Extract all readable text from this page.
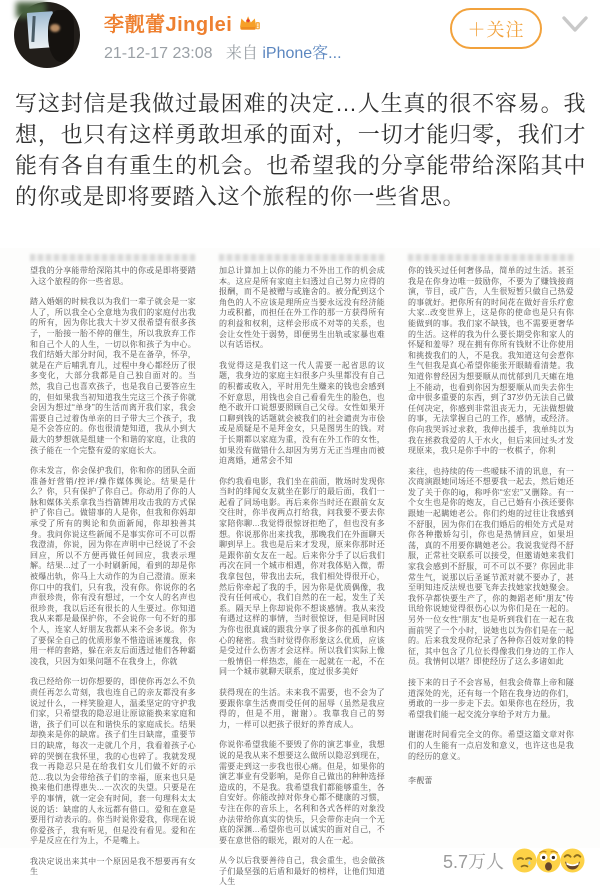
李靓蕾Jinglei
21-12-17 23:08 来自 iPhone客...
＋关注
写这封信是我做过最困难的决定…人生真的很不容易。我想，也只有这样勇敢坦承的面对，一切才能归零，我们才能有各自有重生的机会。也希望我的分享能带给深陷其中的你或是即将要踏入这个旅程的你一些省思。

望我的分享能带给深陷其中的你或是即将要踏入这个旅程的你一些省思。

踏入婚姻的时候我以为我们一辈子就会是一家人了，所以我全心全意地为我们的家庭付出我的所有，因为你比我大十岁又很希望有很多孩子，一胎接一胎不停的催生，所以我放弃工作和自己个人的人生，一切以你和孩子为中心。我们结婚大部分时间，我不是在备孕，怀孕，就是在产后哺乳育儿，过程中身心都经历了很多变化，大部分我都是自己独自面对的。当然，我自己也喜欢孩子，也是我自己要答应生的，但如果我当初知道我生完这三个孩子你就会因为想过“单身”的生活而离开我们家，我会需要自己过着伪单亲的日子带大三个孩子，我是不会答应的。你也很清楚知道，我从小到大最大的梦想就是组建一个和谐的家庭，让我的孩子能在一个完整有爱的家庭长大。

你未发言，你会保护我们，你和你的团队全面准备好营销/控评/操作媒体舆论。结果是什么？你，只有保护了你自己。你动用了你的人脉和媒体关系拿我当挡箭牌用攻击我的方式保护了你自己。做错事的人是你，但我和你妈却承受了所有的舆论和负面新闻，你却独善其身。我问你说这些新闻不是事实你可不可以帮我澄清，你说，因为你在声明中已经说了不会回应，所以不方便再做任何回应，我表示理解。结果...过了一小时刷新闻，看到的却是你被爆出轨，你马上大动作的为自己澄清。原来你口中的我们，只有我，没有你。你说你的名声很珍贵，你有没有想过，一个女人的名声也很珍贵，我以后还有很长的人生要过。你知道我从来都是最保护你，不会说你一句不好的那个人，连家人好朋友我都从来不会多说。你为了要保全自己的优质形象不惜造谣诬蔑我，你用一样的套路，躲在亲友后面透过他们各种霸凌我，只因为如果问题不在我身上，你就

我已经给你一切你想要的，即使你再怎么不负责任再怎么苛刻，我也连自己的亲友都没有多说过什么，一样笑脸迎人，温柔坚定的守护我们家，只希望我的隐忍退让原谅能换来家庭和谐，孩子们可以在和谐快乐的家庭成长。结果却换来是你的缺席。孩子们生日缺席，重要节日的缺席，每次一走就几个月，我看着孩子心碎的哭倒在我怀里，我的心也碎了。我就发现我一再隐忍只是在给我们女儿们做不好的示范...我以为会带给孩子们的幸福，原来也只是换来他们患得患失...一次次的失望。只要是在乎的事情，就一定会有时间，套一句理科太太说的话：缺席的人永远都有借口。爱和在意是要用行动表示的。你当时说你爱我，你现在说你爱孩子，我有听见，但是没有看见。爱和在乎是反应在行为上，不是嘴上。

我决定说出来其中一个原因是我不想要再有女生

加总计算加上以你的能力不外出工作的机会成本。这应是所有家庭主妇透过自己努力应得的报酬，而不是被赠与或施舍的。被分配到这个角色的人不应该是理所应当要永远没有经济能力或积蓄，而担任在外工作的那一方获得所有的利益和权利，这样会形成不对等的关系，也会让女性处于弱势，即便男生出轨或家暴也难以有话语权。

我觉得这是我们这一代人需要一起省思的议题，我身边的家庭主妇很多户头里都没有自己的积蓄或收入，平时用先生赚来的钱也会感到不好意思，用钱也会自己看看先生的脸色，也绝不敢开口说想要照顾自己父母。女性如果开口聊到钱的话题就会被我们的社会谴责为市侩或是质疑是不是拜金女，只是图男生的钱。对于长期都以家庭为重，没有在外工作的女性，如果没有做错什么却因为男方无正当理由而被迫离婚，通常会不知

你约我看电影，我们坐在前面，散场时发现你当时的绯闻女友就坐在影厅的最后面，我们一起看了同场电影。再后来你当时还在跟前女友交往时，你半夜两点打给我，问我要不要去你家陪你聊...我觉得很惊讶拒绝了，但也没有多想。你说那你出来找我，那晚我们在外面聊天聊到早上。我也是后来才发现，原来你那时还是跟你前女友在一起。后来你分手了以后我们再次在同一个城市相遇，你对我体贴入微，帮我拿包包，带我出去玩，我们相处得很开心，然后你牵起了我的手，因为你是优质偶像，我没有任何戒心，我们自然的在一起，发生了关系。隔天早上你却说你不想谈感情。我从来没有遇过这样的事情，当时很惊讶，但是同时因为你也很真诚的跟我分享了很多你的孤单和内心的秘密。我当时觉得你形象这么优质，应该是受过什么伤害才会这样。所以我们实际上像一般情侣一样热恋，能在一起就在一起，不在同一个城市就聊天联系，度过很多美好

获得现在的生活。未来我不需要，也不会为了要跟你拿生活费而受任何的屈辱（虽然是我应得的，但是不用，谢谢）。我靠我自己的努力，一样可以把孩子很好的养育成人。

你说你希望我能不要毁了你的演艺事业，我想说的是我从来不想要这么做所以隐忍到现在，需要走到这一步我也很心痛。但是，如果你的演艺事业有受影响，是你自己做出的种种选择造成的，不是我。我希望我们都能够重生，各自安好。你能改掉对你身心都不健康的习惯，专注在你的音乐上，名利和各式各样的对象没办法带给你真实的快乐，只会带你走向一个无底的深渊...希望你也可以诚实的面对自己，不要在意世俗的眼光，跟对的人在一起。

从今以后我要善待自己，我会重生，也会做孩子们最坚强的后盾和最好的榜样，让他们知道人生

你的钱买过任何奢侈品，简单的过生活。甚至我是在你身边唯一鼓励你，不要为了赚钱接商演，节目，或广告，人生很短暂只做自己热爱的事就好。把你所有的时间花在做好音乐疗愈大家..改变世界上，这是你的使命也是只有你能做到的事。我们家不缺钱，也不需要更奢华的生活。这样的我为什么要长期受你和家人的怀疑和羞辱？现在拥有你所有钱财不让你使用和挑拨我们的人，不是我。我知道这句会惹你生气但我是真心希望你能张开眼睛看清楚。我知道你曾经因为想要顺从而忧郁到几天瘫在地上不能动，也看到你因为想要顺从而失去你生命中很多重要的东西，到了37岁仍无法自己做任何决定，你感到非常沮丧无力，无法做想做的事，无法掌握自己的工作，感情，或经济。你向我哭诉过求救，我伸出援手，我单纯以为我在拯救我爱的人于水火，但后来回过头才发现原来，我只是你手中的一枚棋子，你利

来往，也持续的传一些暧昧不清的讯息，有一次商演跟她同场还不想要我一起去，然后她还发了关于你的ig，称呼你“宏宏”又删除。有一个女生也是你的炮友，自己已婚有小孩还要你跟她一起瞒她老公。你们约炮的过往让我感到不舒服，因为你们在我们婚后的相处方式是对你各种撒娇勾引，你也是热情回应，如果坦荡，真的不用要你瞒她老公。我说我觉得不舒服，正常社交联系可以接受，但邀请她来我们家我会感到不舒服，可不可以不要？你因此非常生气，说那以后圣诞节派对就不要办了，甚至明知违反法规也要飞奔去找她家找她聚会。我怀孕都快要生产了，你的舞蹈老师“朋友”传讯给你说她觉得很伤心以为你们是在一起的。另外一位女性“朋友”也是听到我们在一起在我面前哭了一个小时，说她也以为你们是在一起的。后来我发现你纪录了各种你召妓对象的特征，其中包含了几位长得像我们身边的工作人员。我情何以堪？即使经历了这么多诸如此

接下来的日子不会容易，但我会倚靠上帝和隧道深处的光，还有每一个陪在我身边的你们，勇敢的一步一步走下去。如果你也在经历，我希望我们能一起交流分享给予对方力量。

谢谢花时间看完全文的你。希望这篇文章对你们的人生能有一点启发和意义，也许这也是我的经历的意义。

李靓蕾

5.7万人
